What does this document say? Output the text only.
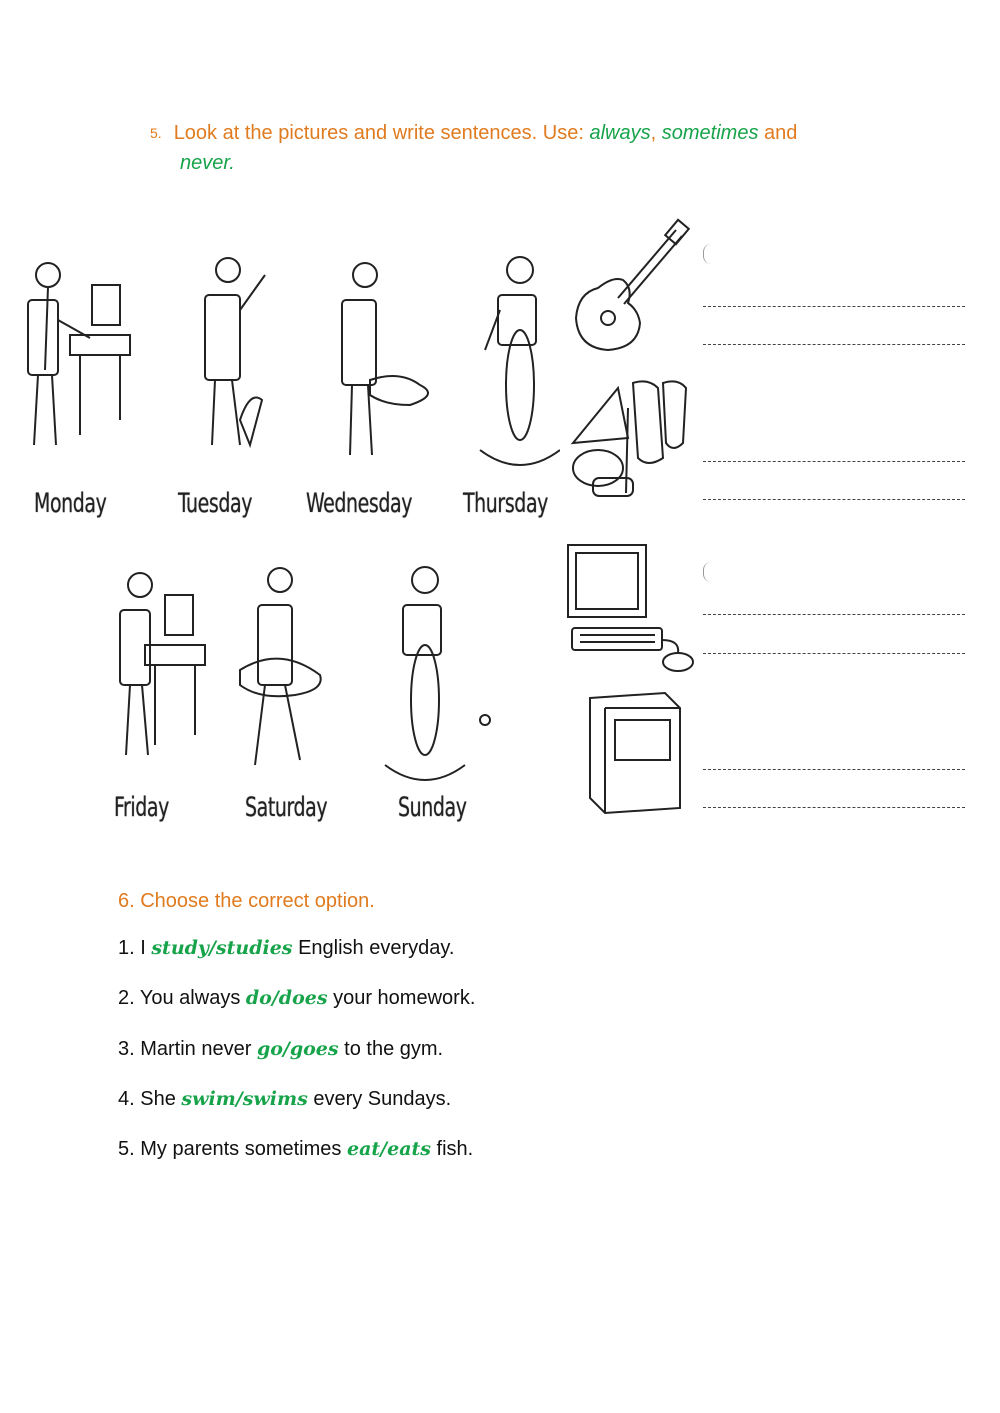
5. Look at the pictures and write sentences. Use: always, sometimes and
never.
Monday	Tuesday Wednesday Thursday
Friday	Saturday	Sunday
6. Choose the correct option.
1. I study/studies English everyday.
2. You always do/does your homework.
3. Martin never go/goes to the gym.
4. She swim/swims every Sundays.
5. My parents sometimes eat/eats fish.
